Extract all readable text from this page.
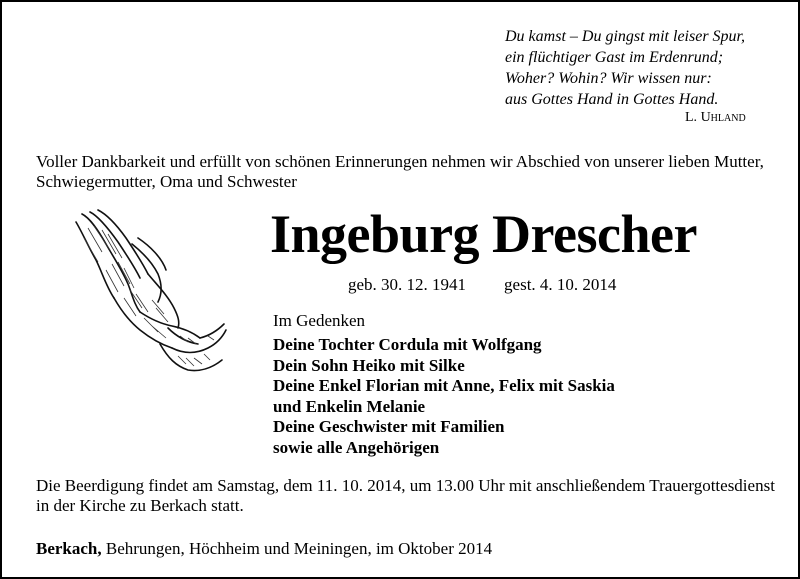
Du kamst – Du gingst mit leiser Spur,
ein flüchtiger Gast im Erdenrund;
Woher? Wohin? Wir wissen nur:
aus Gottes Hand in Gottes Hand.
L. Uhland
Voller Dankbarkeit und erfüllt von schönen Erinnerungen nehmen wir Abschied von unserer lieben Mutter, Schwiegermutter, Oma und Schwester
Ingeburg Drescher
geb. 30. 12. 1941 gest. 4. 10. 2014
Im Gedenken
Deine Tochter Cordula mit Wolfgang
Dein Sohn Heiko mit Silke
Deine Enkel Florian mit Anne, Felix mit Saskia
und Enkelin Melanie
Deine Geschwister mit Familien
sowie alle Angehörigen
Die Beerdigung findet am Samstag, dem 11. 10. 2014, um 13.00 Uhr mit anschließendem Trauergottesdienst in der Kirche zu Berkach statt.
Berkach, Behrungen, Höchheim und Meiningen, im Oktober 2014
